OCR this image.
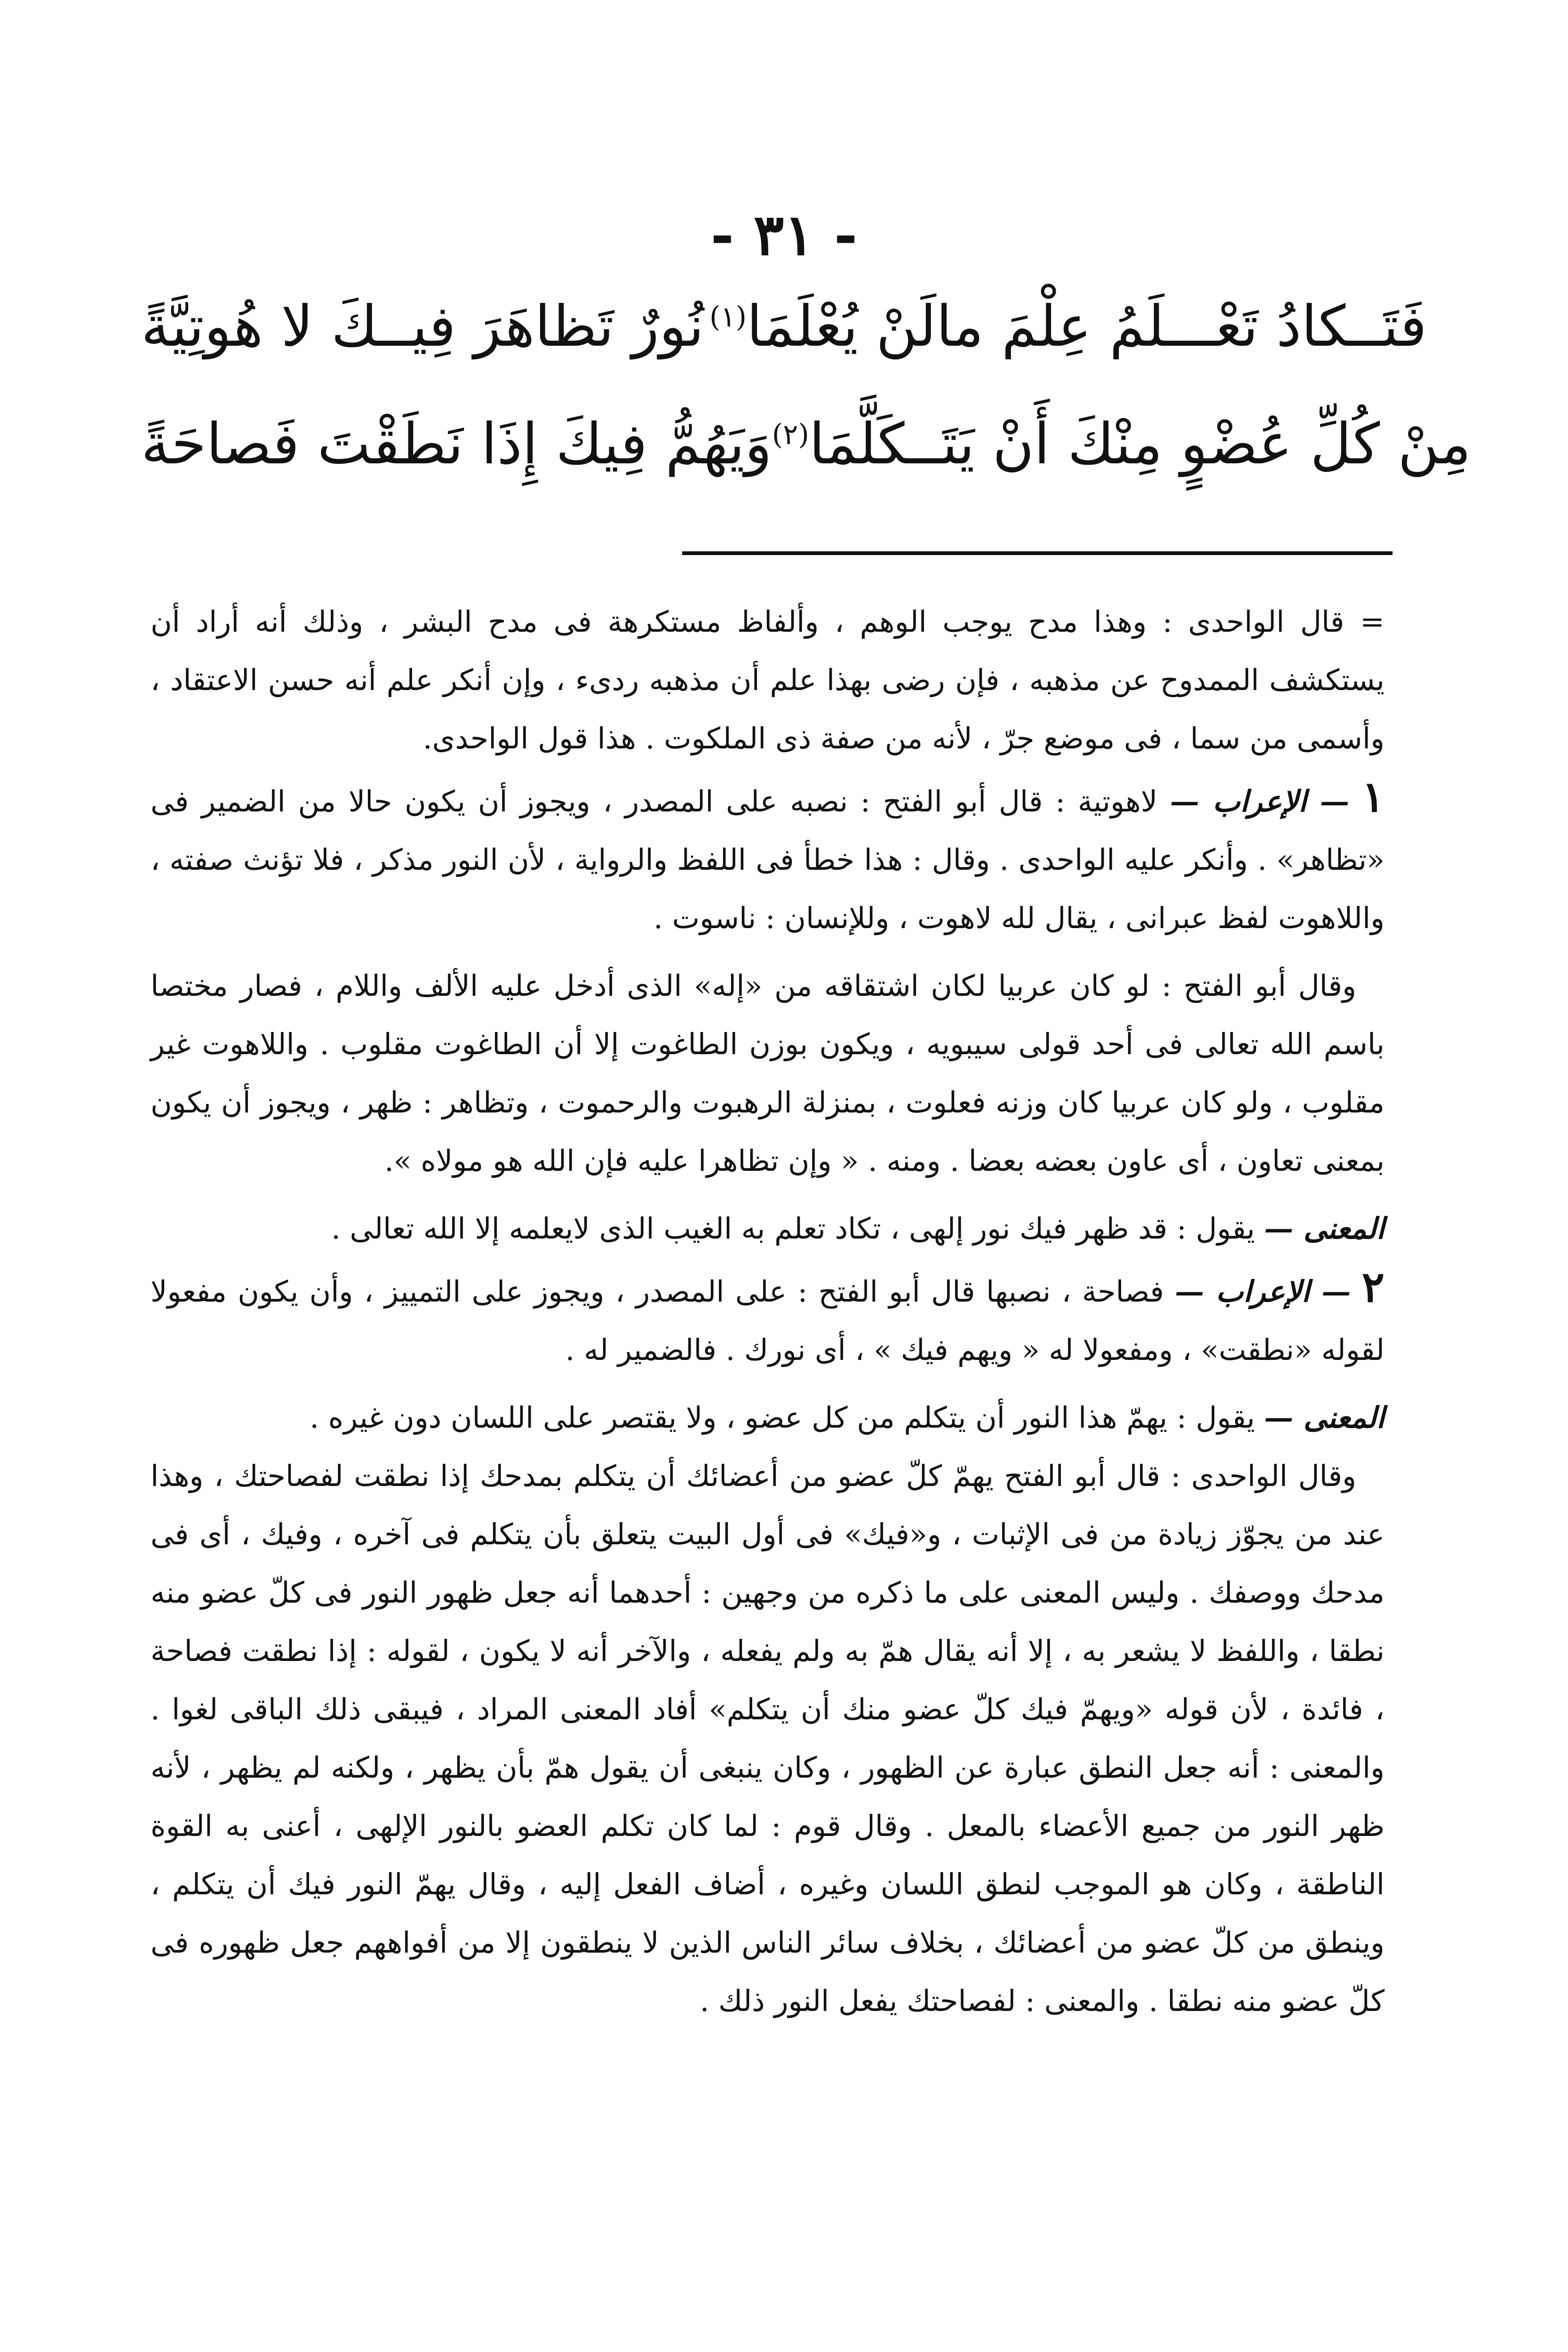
- ٣١ -
نُورٌ تَظاهَرَ فِيــكَ لا هُوتِيَّةً فَتَــكادُ تَعْـــلَمُ عِلْمَ مالَنْ يُعْلَمَا$^{(١)}$
وَيَهُمُّ فِيكَ إِذَا نَطَقْتَ فَصاحَةً مِنْ كُلِّ عُضْوٍ مِنْكَ أَنْ يَتَــكَلَّمَا$^{(٢)}$

= قال الواحدى : وهذا مدح يوجب الوهم ، وألفاظ مستكرهة فى مدح البشر ، وذلك أنه أراد أن يستكشف الممدوح عن مذهبه ، فإن رضى بهذا علم أن مذهبه ردىء ، وإن أنكر علم أنه حسن الاعتقاد ، وأسمى من سما ، فى موضع جرّ ، لأنه من صفة ذى الملكوت . هذا قول الواحدى.

١ — الإعراب — لاهوتية : قال أبو الفتح : نصبه على المصدر ، ويجوز أن يكون حالا من الضمير فى «تظاهر» . وأنكر عليه الواحدى . وقال : هذا خطأ فى اللفظ والرواية ، لأن النور مذكر ، فلا تؤنث صفته ، واللاهوت لفظ عبرانى ، يقال لله لاهوت ، وللإنسان : ناسوت .

وقال أبو الفتح : لو كان عربيا لكان اشتقاقه من «إله» الذى أدخل عليه الألف واللام ، فصار مختصا باسم الله تعالى فى أحد قولى سيبويه ، ويكون بوزن الطاغوت إلا أن الطاغوت مقلوب . واللاهوت غير مقلوب ، ولو كان عربيا كان وزنه فعلوت ، بمنزلة الرهبوت والرحموت ، وتظاهر : ظهر ، ويجوز أن يكون بمعنى تعاون ، أى عاون بعضه بعضا . ومنه . « وإن تظاهرا عليه فإن الله هو مولاه ».

المعنى — يقول : قد ظهر فيك نور إلهى ، تكاد تعلم به الغيب الذى لايعلمه إلا الله تعالى .

٢ — الإعراب — فصاحة ، نصبها قال أبو الفتح : على المصدر ، ويجوز على التمييز ، وأن يكون مفعولا لقوله «نطقت» ، ومفعولا له « ويهم فيك » ، أى نورك . فالضمير له .

المعنى — يقول : يهمّ هذا النور أن يتكلم من كل عضو ، ولا يقتصر على اللسان دون غيره .

وقال الواحدى : قال أبو الفتح يهمّ كلّ عضو من أعضائك أن يتكلم بمدحك إذا نطقت لفصاحتك ، وهذا عند من يجوّز زيادة من فى الإثبات ، و«فيك» فى أول البيت يتعلق بأن يتكلم فى آخره ، وفيك ، أى فى مدحك ووصفك . وليس المعنى على ما ذكره من وجهين : أحدهما أنه جعل ظهور النور فى كلّ عضو منه نطقا ، واللفظ لا يشعر به ، إلا أنه يقال همّ به ولم يفعله ، والآخر أنه لا يكون ، لقوله : إذا نطقت فصاحة ، فائدة ، لأن قوله «ويهمّ فيك كلّ عضو منك أن يتكلم» أفاد المعنى المراد ، فيبقى ذلك الباقى لغوا . والمعنى : أنه جعل النطق عبارة عن الظهور ، وكان ينبغى أن يقول همّ بأن يظهر ، ولكنه لم يظهر ، لأنه ظهر النور من جميع الأعضاء بالمعل . وقال قوم : لما كان تكلم العضو بالنور الإلهى ، أعنى به القوة الناطقة ، وكان هو الموجب لنطق اللسان وغيره ، أضاف الفعل إليه ، وقال يهمّ النور فيك أن يتكلم ، وينطق من كلّ عضو من أعضائك ، بخلاف سائر الناس الذين لا ينطقون إلا من أفواههم جعل ظهوره فى كلّ عضو منه نطقا . والمعنى : لفصاحتك يفعل النور ذلك .
